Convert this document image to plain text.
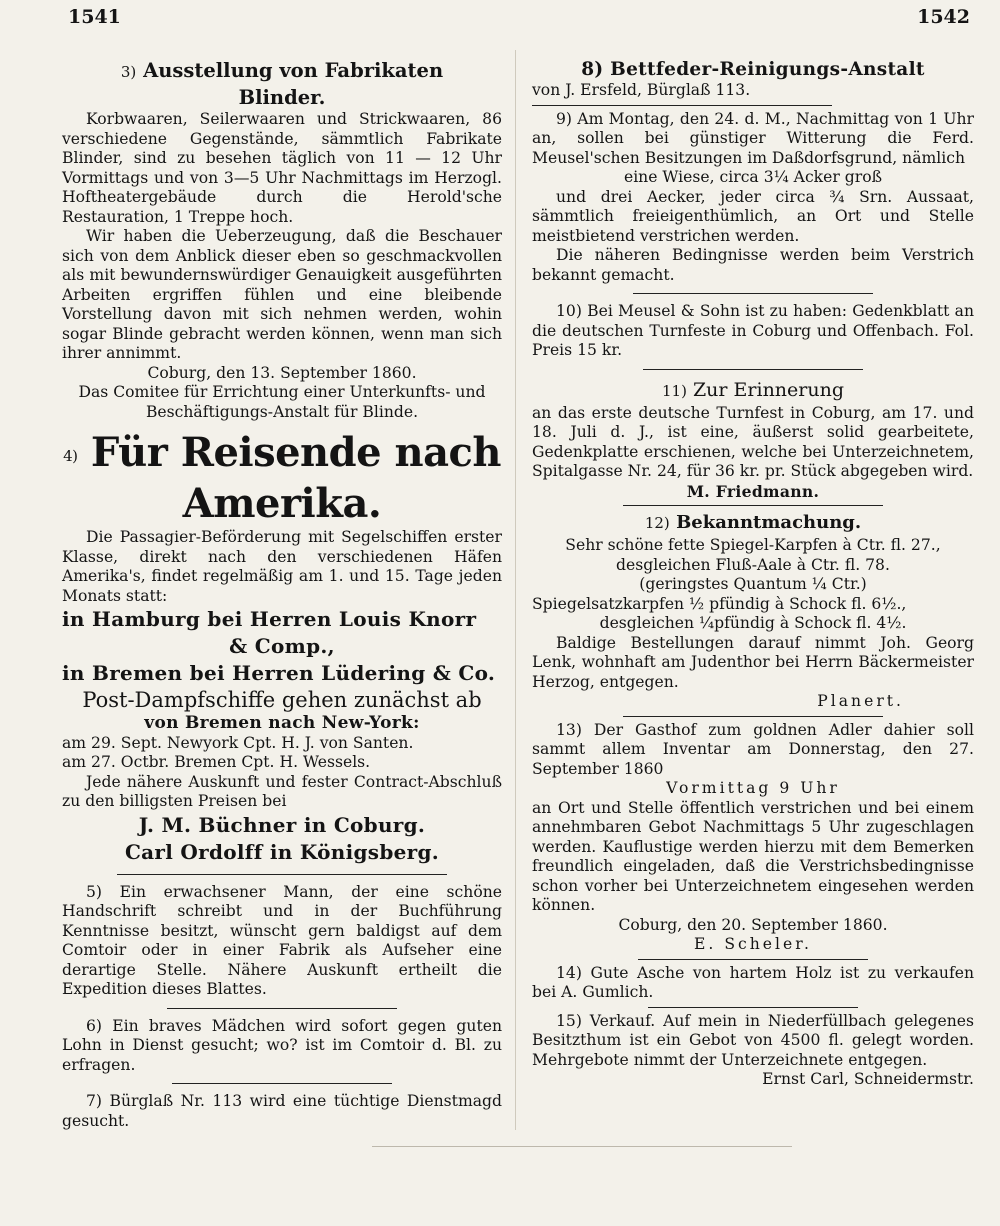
1541	1542

3) Ausstellung von Fabrikaten

Blinder.

Korbwaaren, Seilerwaaren und Strickwaaren, 86 verschiedene Gegenstände, sämmtlich Fabrikate Blinder, sind zu besehen täglich von 11 — 12 Uhr Vormittags und von 3—5 Uhr Nachmittags im Herzogl. Hoftheatergebäude durch die Herold'sche Restauration, 1 Treppe hoch.

Wir haben die Ueberzeugung, daß die Beschauer sich von dem Anblick dieser eben so geschmackvollen als mit bewundernswürdiger Genauigkeit ausgeführten Arbeiten ergriffen fühlen und eine bleibende Vorstellung davon mit sich nehmen werden, wohin sogar Blinde gebracht werden können, wenn man sich ihrer annimmt.

Coburg, den 13. September 1860.

Das Comitee für Errichtung einer Unterkunfts- und Beschäftigungs-Anstalt für Blinde.

4) Für Reisende nach

Amerika.

Die Passagier-Beförderung mit Segelschiffen erster Klasse, direkt nach den verschiedenen Häfen Amerika's, findet regelmäßig am 1. und 15. Tage jeden Monats statt:

in Hamburg bei Herren Louis Knorr

& Comp.,

in Bremen bei Herren Lüdering & Co.

Post-Dampfschiffe gehen zunächst ab

von Bremen nach New-York:

am 29. Sept. Newyork Cpt. H. J. von Santen.

am 27. Octbr. Bremen Cpt. H. Wessels.

Jede nähere Auskunft und fester Contract-Abschluß zu den billigsten Preisen bei

J. M. Büchner in Coburg.

Carl Ordolff in Königsberg.

5) Ein erwachsener Mann, der eine schöne Handschrift schreibt und in der Buchführung Kenntnisse besitzt, wünscht gern baldigst auf dem Comtoir oder in einer Fabrik als Aufseher eine derartige Stelle. Nähere Auskunft ertheilt die Expedition dieses Blattes.

6) Ein braves Mädchen wird sofort gegen guten Lohn in Dienst gesucht; wo? ist im Comtoir d. Bl. zu erfragen.

7) Bürglaß Nr. 113 wird eine tüchtige Dienstmagd gesucht.

8) Bettfeder-Reinigungs-Anstalt

von J. Ersfeld, Bürglaß 113.

9) Am Montag, den 24. d. M., Nachmittag von 1 Uhr an, sollen bei günstiger Witterung die Ferd. Meusel'schen Besitzungen im Daßdorfsgrund, nämlich

eine Wiese, circa 3¼ Acker groß

und drei Aecker, jeder circa ¾ Srn. Aussaat, sämmtlich freieigenthümlich, an Ort und Stelle meistbietend verstrichen werden.

Die näheren Bedingnisse werden beim Verstrich bekannt gemacht.

10) Bei Meusel & Sohn ist zu haben: Gedenkblatt an die deutschen Turnfeste in Coburg und Offenbach. Fol. Preis 15 kr.

11) Zur Erinnerung

an das erste deutsche Turnfest in Coburg, am 17. und 18. Juli d. J., ist eine, äußerst solid gearbeitete, Gedenkplatte erschienen, welche bei Unterzeichnetem, Spitalgasse Nr. 24, für 36 kr. pr. Stück abgegeben wird.

M. Friedmann.

12) Bekanntmachung.

Sehr schöne fette Spiegel-Karpfen à Ctr. fl. 27.,

desgleichen Fluß-Aale à Ctr. fl. 78.

(geringstes Quantum ¼ Ctr.)

Spiegelsatzkarpfen ½ pfündig à Schock fl. 6½.,

desgleichen ¼pfündig à Schock fl. 4½.

Baldige Bestellungen darauf nimmt Joh. Georg Lenk, wohnhaft am Judenthor bei Herrn Bäckermeister Herzog, entgegen.

Planert.

13) Der Gasthof zum goldnen Adler dahier soll sammt allem Inventar am Donnerstag, den 27. September 1860

Vormittag 9 Uhr

an Ort und Stelle öffentlich verstrichen und bei einem annehmbaren Gebot Nachmittags 5 Uhr zugeschlagen werden. Kauflustige werden hierzu mit dem Bemerken freundlich eingeladen, daß die Verstrichsbedingnisse schon vorher bei Unterzeichnetem eingesehen werden können.

Coburg, den 20. September 1860.

E. Scheler.

14) Gute Asche von hartem Holz ist zu verkaufen bei A. Gumlich.

15) Verkauf. Auf mein in Niederfüllbach gelegenes Besitzthum ist ein Gebot von 4500 fl. gelegt worden. Mehrgebote nimmt der Unterzeichnete entgegen.

Ernst Carl, Schneidermstr.
